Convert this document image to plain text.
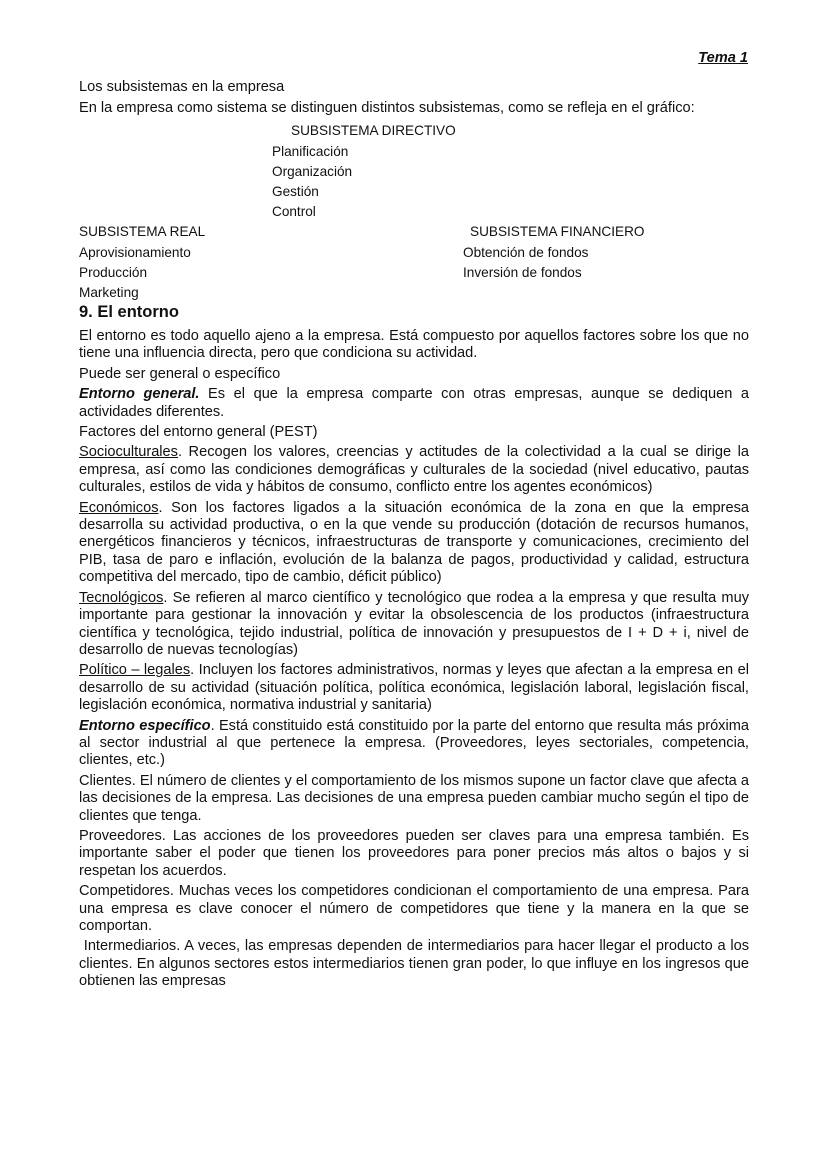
Tema 1
Los subsistemas en la empresa
En la empresa como sistema se distinguen distintos subsistemas, como se refleja en el gráfico:
SUBSISTEMA DIRECTIVO
Planificación
Organización
Gestión
Control
SUBSISTEMA REAL
Aprovisionamiento
Producción
Marketing
SUBSISTEMA FINANCIERO
Obtención de fondos
Inversión de fondos
9. El entorno

El entorno es todo aquello ajeno a la empresa. Está compuesto por aquellos factores sobre los que no tiene una influencia directa, pero que condiciona su actividad.

Puede ser general o específico

Entorno general. Es el que la empresa comparte con otras empresas, aunque se dediquen a actividades diferentes.

Factores del entorno general (PEST)

Socioculturales. Recogen los valores, creencias y actitudes de la colectividad a la cual se dirige la empresa, así como las condiciones demográficas y culturales de la sociedad (nivel educativo, pautas culturales, estilos de vida y hábitos de consumo, conflicto entre los agentes económicos)

Económicos. Son los factores ligados a la situación económica de la zona en que la empresa desarrolla su actividad productiva, o en la que vende su producción (dotación de recursos humanos, energéticos financieros y técnicos, infraestructuras de transporte y comunicaciones, crecimiento del PIB, tasa de paro e inflación, evolución de la balanza de pagos, productividad y calidad, estructura competitiva del mercado, tipo de cambio, déficit público)

Tecnológicos. Se refieren al marco científico y tecnológico que rodea a la empresa y que resulta muy importante para gestionar la innovación y evitar la obsolescencia de los productos (infraestructura científica y tecnológica, tejido industrial, política de innovación y presupuestos de I + D + i, nivel de desarrollo de nuevas tecnologías)

Político – legales. Incluyen los factores administrativos, normas y leyes que afectan a la empresa en el desarrollo de su actividad (situación política, política económica, legislación laboral, legislación fiscal, legislación económica, normativa industrial y sanitaria)

Entorno específico. Está constituido está constituido por la parte del entorno que resulta más próxima al sector industrial al que pertenece la empresa. (Proveedores, leyes sectoriales, competencia, clientes, etc.)

Clientes. El número de clientes y el comportamiento de los mismos supone un factor clave que afecta a las decisiones de la empresa. Las decisiones de una empresa pueden cambiar mucho según el tipo de clientes que tenga.

Proveedores. Las acciones de los proveedores pueden ser claves para una empresa también. Es importante saber el poder que tienen los proveedores para poner precios más altos o bajos y si respetan los acuerdos.

Competidores. Muchas veces los competidores condicionan el comportamiento de una empresa. Para una empresa es clave conocer el número de competidores que tiene y la manera en la que se comportan.

Intermediarios. A veces, las empresas dependen de intermediarios para hacer llegar el producto a los clientes. En algunos sectores estos intermediarios tienen gran poder, lo que influye en los ingresos que obtienen las empresas
